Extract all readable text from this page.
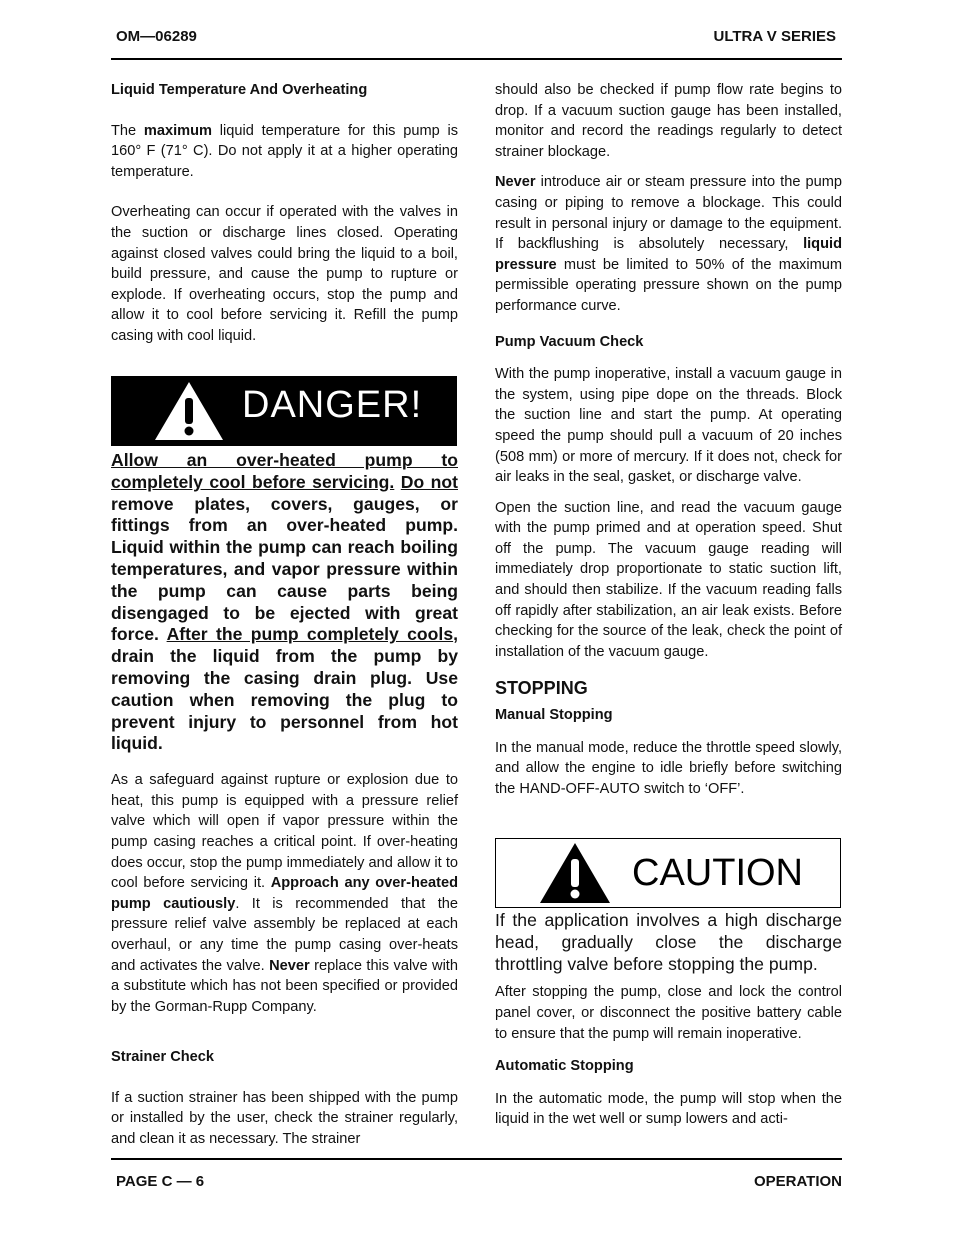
OM—06289	ULTRA V SERIES

Liquid Temperature And Overheating

The maximum liquid temperature for this pump is 160° F (71° C). Do not apply it at a higher operating temperature.

Overheating can occur if operated with the valves in the suction or discharge lines closed. Operating against closed valves could bring the liquid to a boil, build pressure, and cause the pump to rupture or explode. If overheating occurs, stop the pump and allow it to cool before servicing it. Refill the pump casing with cool liquid.

DANGER!

Allow an over-heated pump to completely cool before servicing. Do not remove plates, covers, gauges, or fittings from an over-heated pump. Liquid within the pump can reach boiling temperatures, and vapor pressure within the pump can cause parts being disengaged to be ejected with great force. After the pump completely cools, drain the liquid from the pump by removing the casing drain plug. Use caution when removing the plug to prevent injury to personnel from hot liquid.

As a safeguard against rupture or explosion due to heat, this pump is equipped with a pressure relief valve which will open if vapor pressure within the pump casing reaches a critical point. If over-heating does occur, stop the pump immediately and allow it to cool before servicing it. Approach any over-heated pump cautiously. It is recommended that the pressure relief valve assembly be replaced at each overhaul, or any time the pump casing over-heats and activates the valve. Never replace this valve with a substitute which has not been specified or provided by the Gorman-Rupp Company.

Strainer Check

If a suction strainer has been shipped with the pump or installed by the user, check the strainer regularly, and clean it as necessary. The strainer

should also be checked if pump flow rate begins to drop. If a vacuum suction gauge has been installed, monitor and record the readings regularly to detect strainer blockage.

Never introduce air or steam pressure into the pump casing or piping to remove a blockage. This could result in personal injury or damage to the equipment. If backflushing is absolutely necessary, liquid pressure must be limited to 50% of the maximum permissible operating pressure shown on the pump performance curve.

Pump Vacuum Check

With the pump inoperative, install a vacuum gauge in the system, using pipe dope on the threads. Block the suction line and start the pump. At operating speed the pump should pull a vacuum of 20 inches (508 mm) or more of mercury. If it does not, check for air leaks in the seal, gasket, or discharge valve.

Open the suction line, and read the vacuum gauge with the pump primed and at operation speed. Shut off the pump. The vacuum gauge reading will immediately drop proportionate to static suction lift, and should then stabilize. If the vacuum reading falls off rapidly after stabilization, an air leak exists. Before checking for the source of the leak, check the point of installation of the vacuum gauge.

STOPPING

Manual Stopping

In the manual mode, reduce the throttle speed slowly, and allow the engine to idle briefly before switching the HAND-OFF-AUTO switch to ‘OFF’.

CAUTION

If the application involves a high discharge head, gradually close the discharge throttling valve before stopping the pump.

After stopping the pump, close and lock the control panel cover, or disconnect the positive battery cable to ensure that the pump will remain inoperative.

Automatic Stopping

In the automatic mode, the pump will stop when the liquid in the wet well or sump lowers and acti-

PAGE C — 6	OPERATION
